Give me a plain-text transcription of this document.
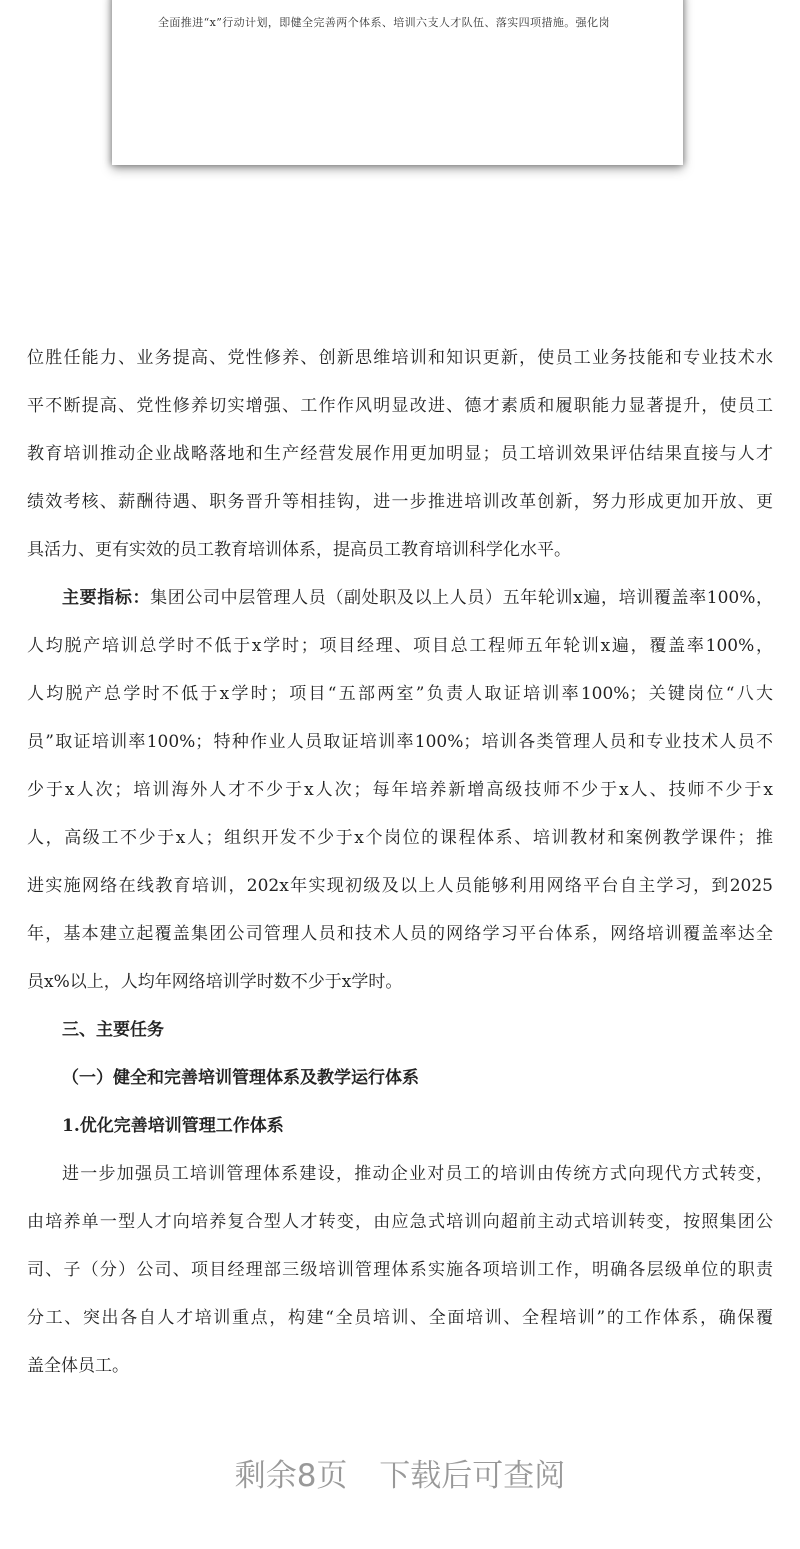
全面推进“x”行动计划，即健全完善两个体系、培训六支人才队伍、落实四项措施。强化岗
位胜任能力、业务提高、党性修养、创新思维培训和知识更新，使员工业务技能和专业技术水
平不断提高、党性修养切实增强、工作作风明显改进、德才素质和履职能力显著提升，使员工
教育培训推动企业战略落地和生产经营发展作用更加明显；员工培训效果评估结果直接与人才
绩效考核、薪酬待遇、职务晋升等相挂钩，进一步推进培训改革创新，努力形成更加开放、更
具活力、更有实效的员工教育培训体系，提高员工教育培训科学化水平。
主要指标：集团公司中层管理人员（副处职及以上人员）五年轮训x遍，培训覆盖率100%，
人均脱产培训总学时不低于x学时；项目经理、项目总工程师五年轮训x遍，覆盖率100%，
人均脱产总学时不低于x学时；项目“五部两室”负责人取证培训率100%；关键岗位“八大
员”取证培训率100%；特种作业人员取证培训率100%；培训各类管理人员和专业技术人员不
少于x人次；培训海外人才不少于x人次；每年培养新增高级技师不少于x人、技师不少于x
人，高级工不少于x人；组织开发不少于x个岗位的课程体系、培训教材和案例教学课件；推
进实施网络在线教育培训，202x年实现初级及以上人员能够利用网络平台自主学习，到2025
年，基本建立起覆盖集团公司管理人员和技术人员的网络学习平台体系，网络培训覆盖率达全
员x%以上，人均年网络培训学时数不少于x学时。
三、主要任务
（一）健全和完善培训管理体系及教学运行体系
1.优化完善培训管理工作体系
进一步加强员工培训管理体系建设，推动企业对员工的培训由传统方式向现代方式转变，
由培养单一型人才向培养复合型人才转变，由应急式培训向超前主动式培训转变，按照集团公
司、子（分）公司、项目经理部三级培训管理体系实施各项培训工作，明确各层级单位的职责
分工、突出各自人才培训重点，构建“全员培训、全面培训、全程培训”的工作体系，确保覆
盖全体员工。
剩余8页 下载后可查阅
